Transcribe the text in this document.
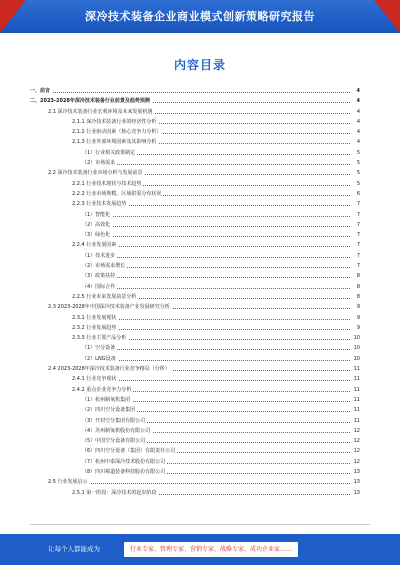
深冷技术装备企业商业模式创新策略研究报告
内容目录
一、前言	4
二、2023-2028年深冷技术装备行业前景及趋势预测	4
2.1 深冷技术装备行业宏观环境及未来发展机遇	4
2.1.1 深冷技术装备行业的经济性分析	4
2.1.2 行业驱动因素（核心竞争力分析）	4
2.1.3 行业外部环境因素及其影响分析	4
（1）行业相关政策制定	5
（2）市场需求	5
2.2 深冷技术装备行业市场分析与发展前景	5
2.2.1 行业技术现状与技术趋势	5
2.2.2 行业市场规模、区域供需分布状况	6
2.2.3 行业技术发展趋势	7
（1）智能化	7
（2）高效化	7
（3）绿色化	7
2.2.4 行业发展因素	7
（1）技术进步	7
（2）市场需求增长	7
（3）政策扶持	8
（4）国际合作	8
2.2.5 行业未来发展前景分析	8
2.3 2023-2028年中国深冷技术装备产业发展研究分析	9
2.3.1 行业发展现状	9
2.3.2 行业发展趋势	9
2.3.3 行业主要产品分析	10
（1）空分设备	10
（2）LNG设备	10
2.4 2023-2028年深冷技术装备行业竞争格局（分析）	11
2.4.1 行业竞争现状	11
2.4.2 重点企业竞争力分析	11
（1）杭州制氧机集团	11
（2）四川空分设备集团	11
（3）开封空分集团有限公司	11
（4）苏州制氧机股份有限公司	12
（5）中国空分设备有限公司	12
（6）四川空分设备（集团）有限责任公司	12
（7）杭州中泰深冷技术股份有限公司	12
（8）四川蜀道装备科技股份有限公司	13
2.5 行业发展启示	13
2.5.1 第一阶段：深冷技术的起步阶段	13
让每个人都能成为	行业专家、管理专家、营销专家、战略专家、成功企业家……
